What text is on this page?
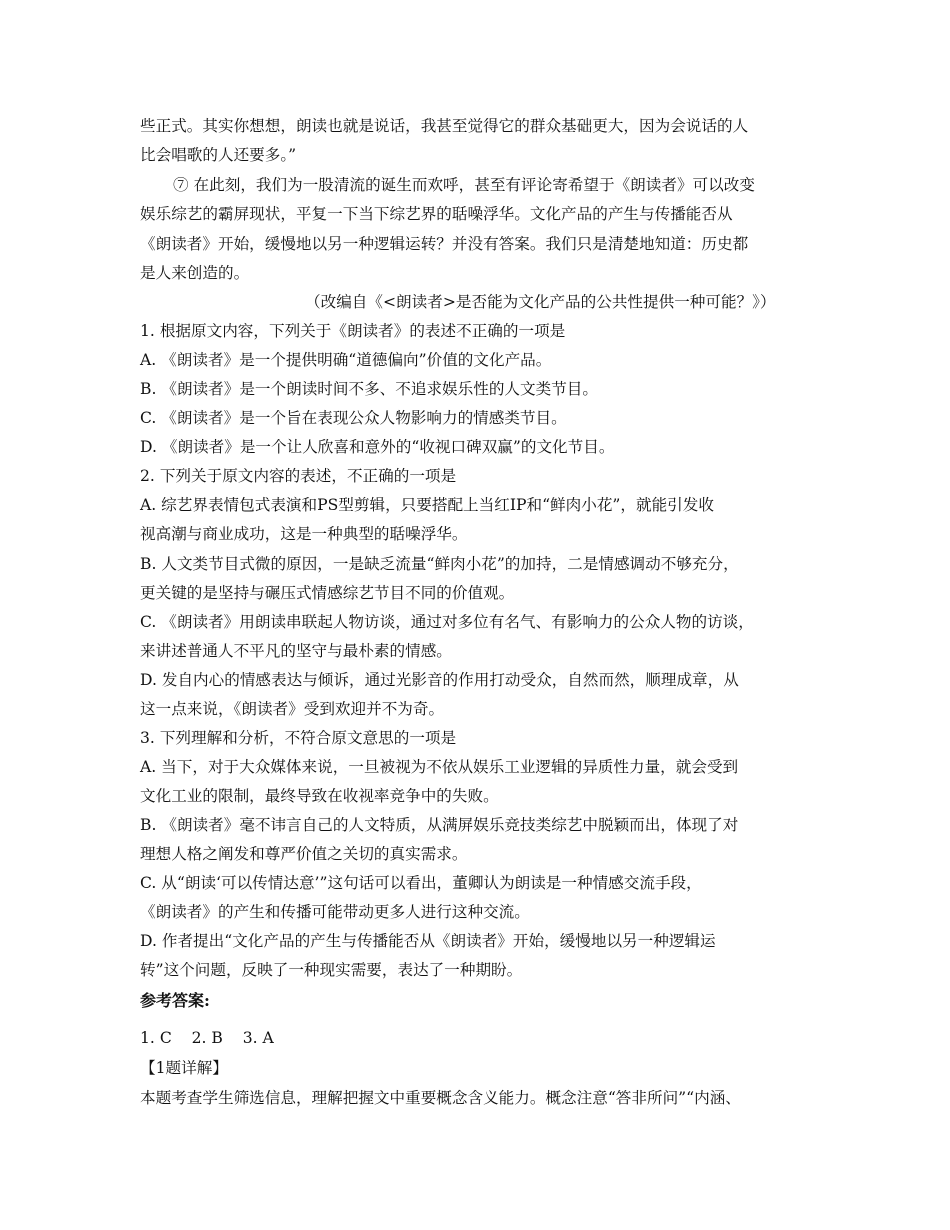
些正式。其实你想想，朗读也就是说话，我甚至觉得它的群众基础更大，因为会说话的人
比会唱歌的人还要多。”
⑦ 在此刻，我们为一股清流的诞生而欢呼，甚至有评论寄希望于《朗读者》可以改变
娱乐综艺的霸屏现状，平复一下当下综艺界的聒噪浮华。文化产品的产生与传播能否从
《朗读者》开始，缓慢地以另一种逻辑运转？并没有答案。我们只是清楚地知道：历史都
是人来创造的。
（改编自《<朗读者>是否能为文化产品的公共性提供一种可能？》）
1. 根据原文内容，下列关于《朗读者》的表述不正确的一项是
A. 《朗读者》是一个提供明确“道德偏向”价值的文化产品。
B. 《朗读者》是一个朗读时间不多、不追求娱乐性的人文类节目。
C. 《朗读者》是一个旨在表现公众人物影响力的情感类节目。
D. 《朗读者》是一个让人欣喜和意外的“收视口碑双赢”的文化节目。
2. 下列关于原文内容的表述，不正确的一项是
A. 综艺界表情包式表演和PS型剪辑，只要搭配上当红IP和“鲜肉小花”，就能引发收
视高潮与商业成功，这是一种典型的聒噪浮华。
B. 人文类节目式微的原因，一是缺乏流量“鲜肉小花”的加持，二是情感调动不够充分，
更关键的是坚持与碾压式情感综艺节目不同的价值观。
C. 《朗读者》用朗读串联起人物访谈，通过对多位有名气、有影响力的公众人物的访谈，
来讲述普通人不平凡的坚守与最朴素的情感。
D. 发自内心的情感表达与倾诉，通过光影音的作用打动受众，自然而然，顺理成章，从
这一点来说，《朗读者》受到欢迎并不为奇。
3. 下列理解和分析，不符合原文意思的一项是
A. 当下，对于大众媒体来说，一旦被视为不依从娱乐工业逻辑的异质性力量，就会受到
文化工业的限制，最终导致在收视率竞争中的失败。
B. 《朗读者》毫不讳言自己的人文特质，从满屏娱乐竞技类综艺中脱颖而出，体现了对
理想人格之阐发和尊严价值之关切的真实需求。
C. 从“朗读‘可以传情达意’”这句话可以看出，董卿认为朗读是一种情感交流手段，
《朗读者》的产生和传播可能带动更多人进行这种交流。
D. 作者提出“文化产品的产生与传播能否从《朗读者》开始，缓慢地以另一种逻辑运
转”这个问题，反映了一种现实需要，表达了一种期盼。
参考答案:
1. C    2. B    3. A
【1题详解】
本题考查学生筛选信息，理解把握文中重要概念含义能力。概念注意“答非所问”“内涵、
